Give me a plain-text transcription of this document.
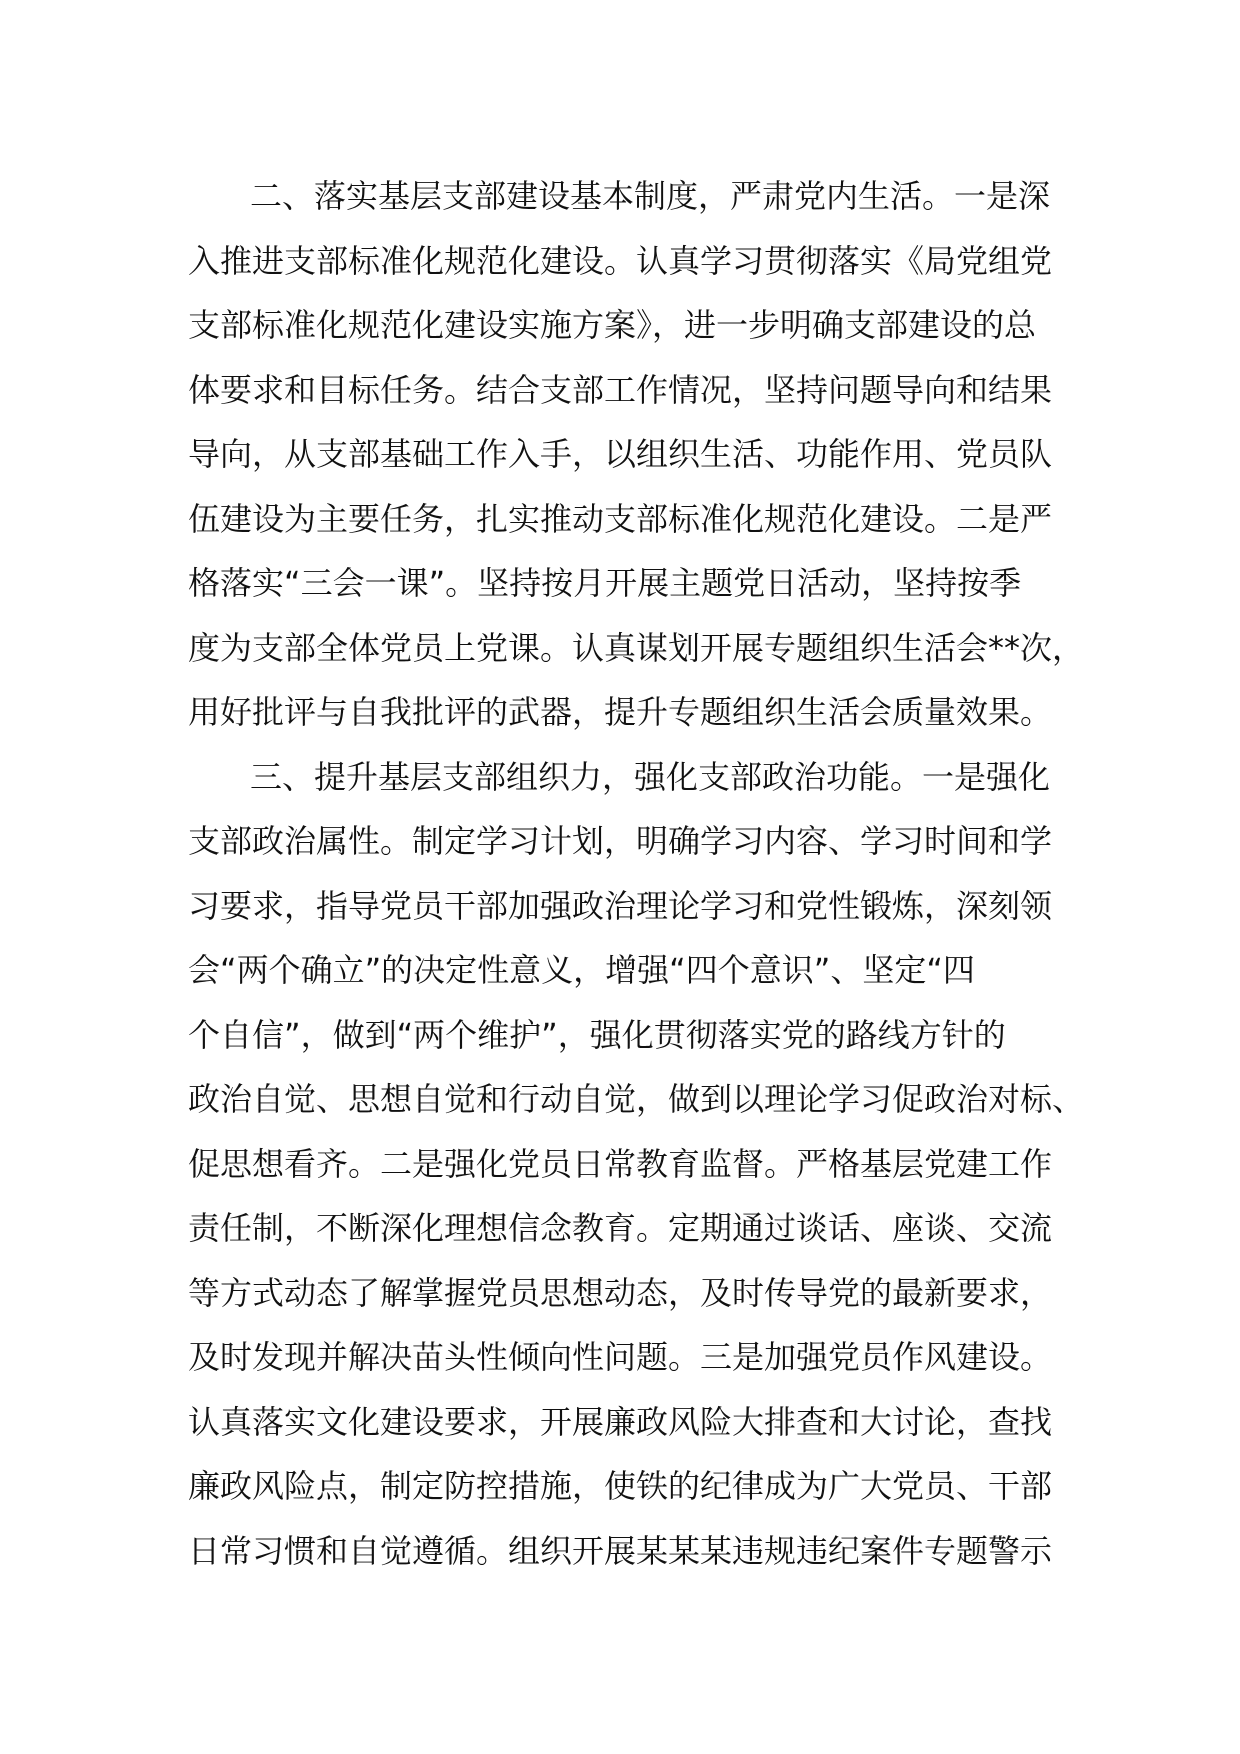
二、落实基层支部建设基本制度，严肃党内生活。一是深
入推进支部标准化规范化建设。认真学习贯彻落实《局党组党
支部标准化规范化建设实施方案》，进一步明确支部建设的总
体要求和目标任务。结合支部工作情况，坚持问题导向和结果
导向，从支部基础工作入手，以组织生活、功能作用、党员队
伍建设为主要任务，扎实推动支部标准化规范化建设。二是严
格落实“三会一课”。坚持按月开展主题党日活动，坚持按季
度为支部全体党员上党课。认真谋划开展专题组织生活会**次，
用好批评与自我批评的武器，提升专题组织生活会质量效果。
三、提升基层支部组织力，强化支部政治功能。一是强化
支部政治属性。制定学习计划，明确学习内容、学习时间和学
习要求，指导党员干部加强政治理论学习和党性锻炼，深刻领
会“两个确立”的决定性意义，增强“四个意识”、坚定“四
个自信”，做到“两个维护”，强化贯彻落实党的路线方针的
政治自觉、思想自觉和行动自觉，做到以理论学习促政治对标、
促思想看齐。二是强化党员日常教育监督。严格基层党建工作
责任制，不断深化理想信念教育。定期通过谈话、座谈、交流
等方式动态了解掌握党员思想动态，及时传导党的最新要求，
及时发现并解决苗头性倾向性问题。三是加强党员作风建设。
认真落实文化建设要求，开展廉政风险大排查和大讨论，查找
廉政风险点，制定防控措施，使铁的纪律成为广大党员、干部
日常习惯和自觉遵循。组织开展某某某违规违纪案件专题警示
